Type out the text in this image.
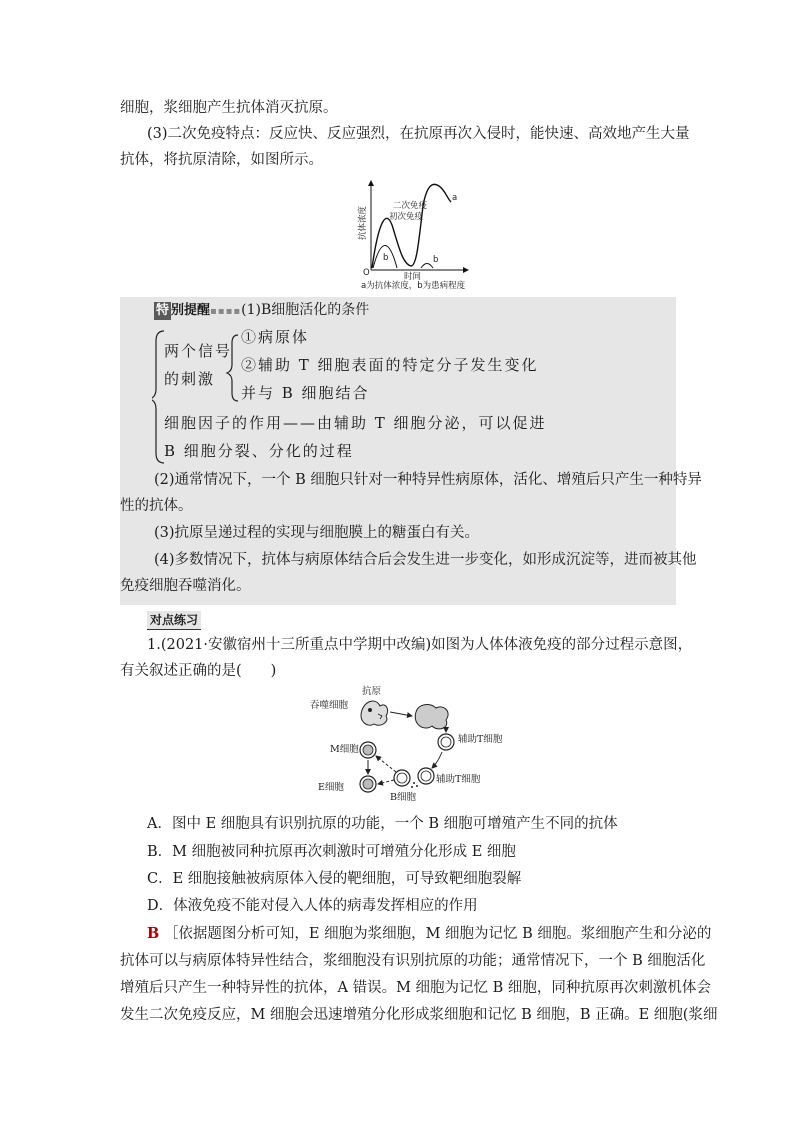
细胞，浆细胞产生抗体消灭抗原。
(3)二次免疫特点：反应快、反应强烈，在抗原再次入侵时，能快速、高效地产生大量
抗体，将抗原清除，如图所示。
O	时间
抗体浓度	二次免疫
初次免疫
a
b	b
a为抗体浓度，b为患病程度
特 别提醒▪▪▪▪(1)B细胞活化的条件
两个信号
的刺激
①病原体
②辅助 T 细胞表面的特定分子发生变化
并与 B 细胞结合
细胞因子的作用——由辅助 T 细胞分泌，可以促进
B 细胞分裂、分化的过程
(2)通常情况下，一个 B 细胞只针对一种特异性病原体，活化、增殖后只产生一种特异
性的抗体。
(3)抗原呈递过程的实现与细胞膜上的糖蛋白有关。
(4)多数情况下，抗体与病原体结合后会发生进一步变化，如形成沉淀等，进而被其他
免疫细胞吞噬消化。
对点练习
1.(2021·安徽宿州十三所重点中学期中改编)如图为人体体液免疫的部分过程示意图，
有关叙述正确的是(　　)
抗原
吞噬细胞
辅助T细胞
M细胞
E细胞
B细胞
辅助T细胞
A．图中 E 细胞具有识别抗原的功能，一个 B 细胞可增殖产生不同的抗体
B．M 细胞被同种抗原再次刺激时可增殖分化形成 E 细胞
C．E 细胞接触被病原体入侵的靶细胞，可导致靶细胞裂解
D．体液免疫不能对侵入人体的病毒发挥相应的作用
B ［依据题图分析可知，E 细胞为浆细胞，M 细胞为记忆 B 细胞。浆细胞产生和分泌的
抗体可以与病原体特异性结合，浆细胞没有识别抗原的功能；通常情况下，一个 B 细胞活化
增殖后只产生一种特异性的抗体，A 错误。M 细胞为记忆 B 细胞，同种抗原再次刺激机体会
发生二次免疫反应，M 细胞会迅速增殖分化形成浆细胞和记忆 B 细胞，B 正确。E 细胞(浆细
